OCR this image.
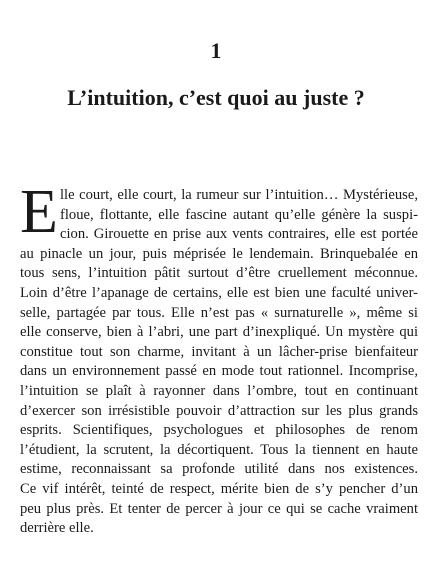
1
L’intuition, c’est quoi au juste ?
E lle court, elle court, la rumeur sur l’intuition… Mystérieuse,
floue, flottante, elle fascine autant qu’elle génère la suspi-
cion. Girouette en prise aux vents contraires, elle est portée
au pinacle un jour, puis méprisée le lendemain. Brinquebalée en
tous sens, l’intuition pâtit surtout d’être cruellement méconnue.
Loin d’être l’apanage de certains, elle est bien une faculté univer-
selle, partagée par tous. Elle n’est pas « surnaturelle », même si
elle conserve, bien à l’abri, une part d’inexpliqué. Un mystère qui
constitue tout son charme, invitant à un lâcher-prise bienfaiteur
dans un environnement passé en mode tout rationnel. Incomprise,
l’intuition se plaît à rayonner dans l’ombre, tout en continuant
d’exercer son irrésistible pouvoir d’attraction sur les plus grands
esprits. Scientifiques, psychologues et philosophes de renom
l’étudient, la scrutent, la décortiquent. Tous la tiennent en haute
estime, reconnaissant sa profonde utilité dans nos existences.
Ce vif intérêt, teinté de respect, mérite bien de s’y pencher d’un
peu plus près. Et tenter de percer à jour ce qui se cache vraiment
derrière elle.
